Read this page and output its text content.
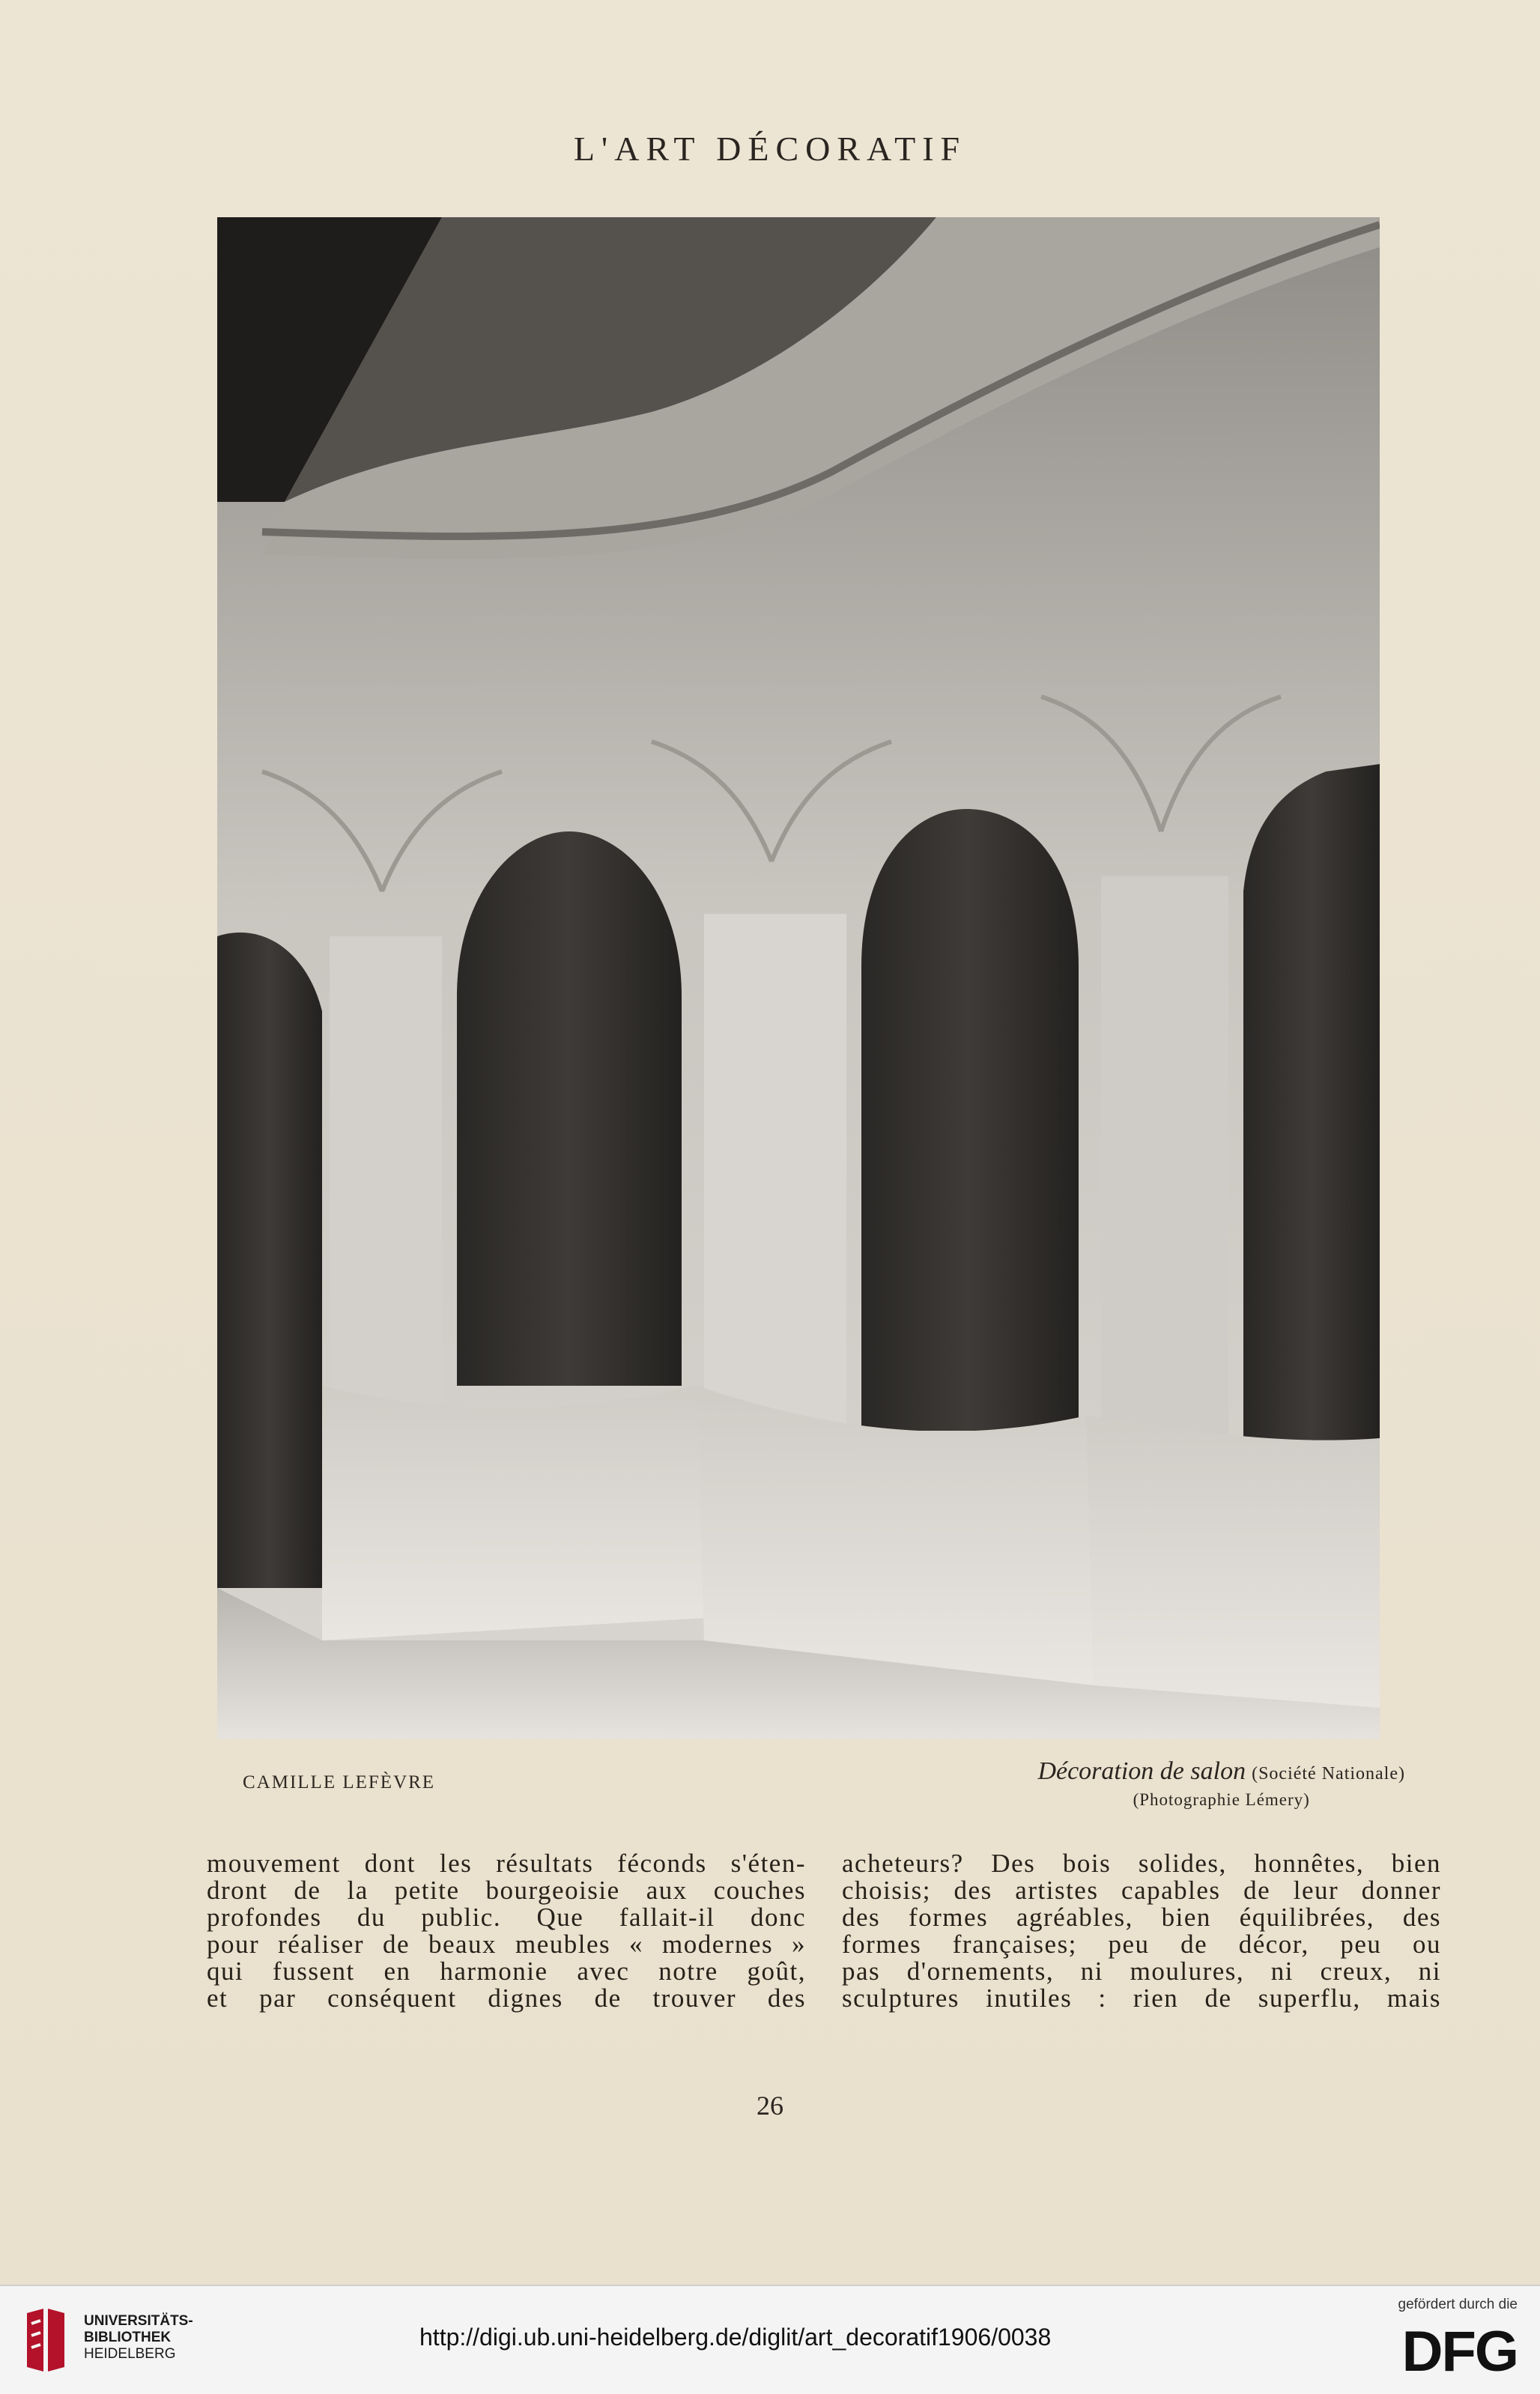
L'ART DÉCORATIF
CAMILLE LEFÈVRE	Décoration de salon (Société Nationale)
(Photographie Lémery)
mouvement dont les résultats féconds s'éten-
dront de la petite bourgeoisie aux couches
profondes du public. Que fallait-il donc
pour réaliser de beaux meubles « modernes »
qui fussent en harmonie avec notre goût,
et par conséquent dignes de trouver des
acheteurs? Des bois solides, honnêtes, bien
choisis; des artistes capables de leur donner
des formes agréables, bien équilibrées, des
formes françaises; peu de décor, peu ou
pas d'ornements, ni moulures, ni creux, ni
sculptures inutiles : rien de superflu, mais
26
UNIVERSITÄTS-
BIBLIOTHEK
HEIDELBERG
http://digi.ub.uni-heidelberg.de/diglit/art_decoratif1906/0038
gefördert durch die
DFG
